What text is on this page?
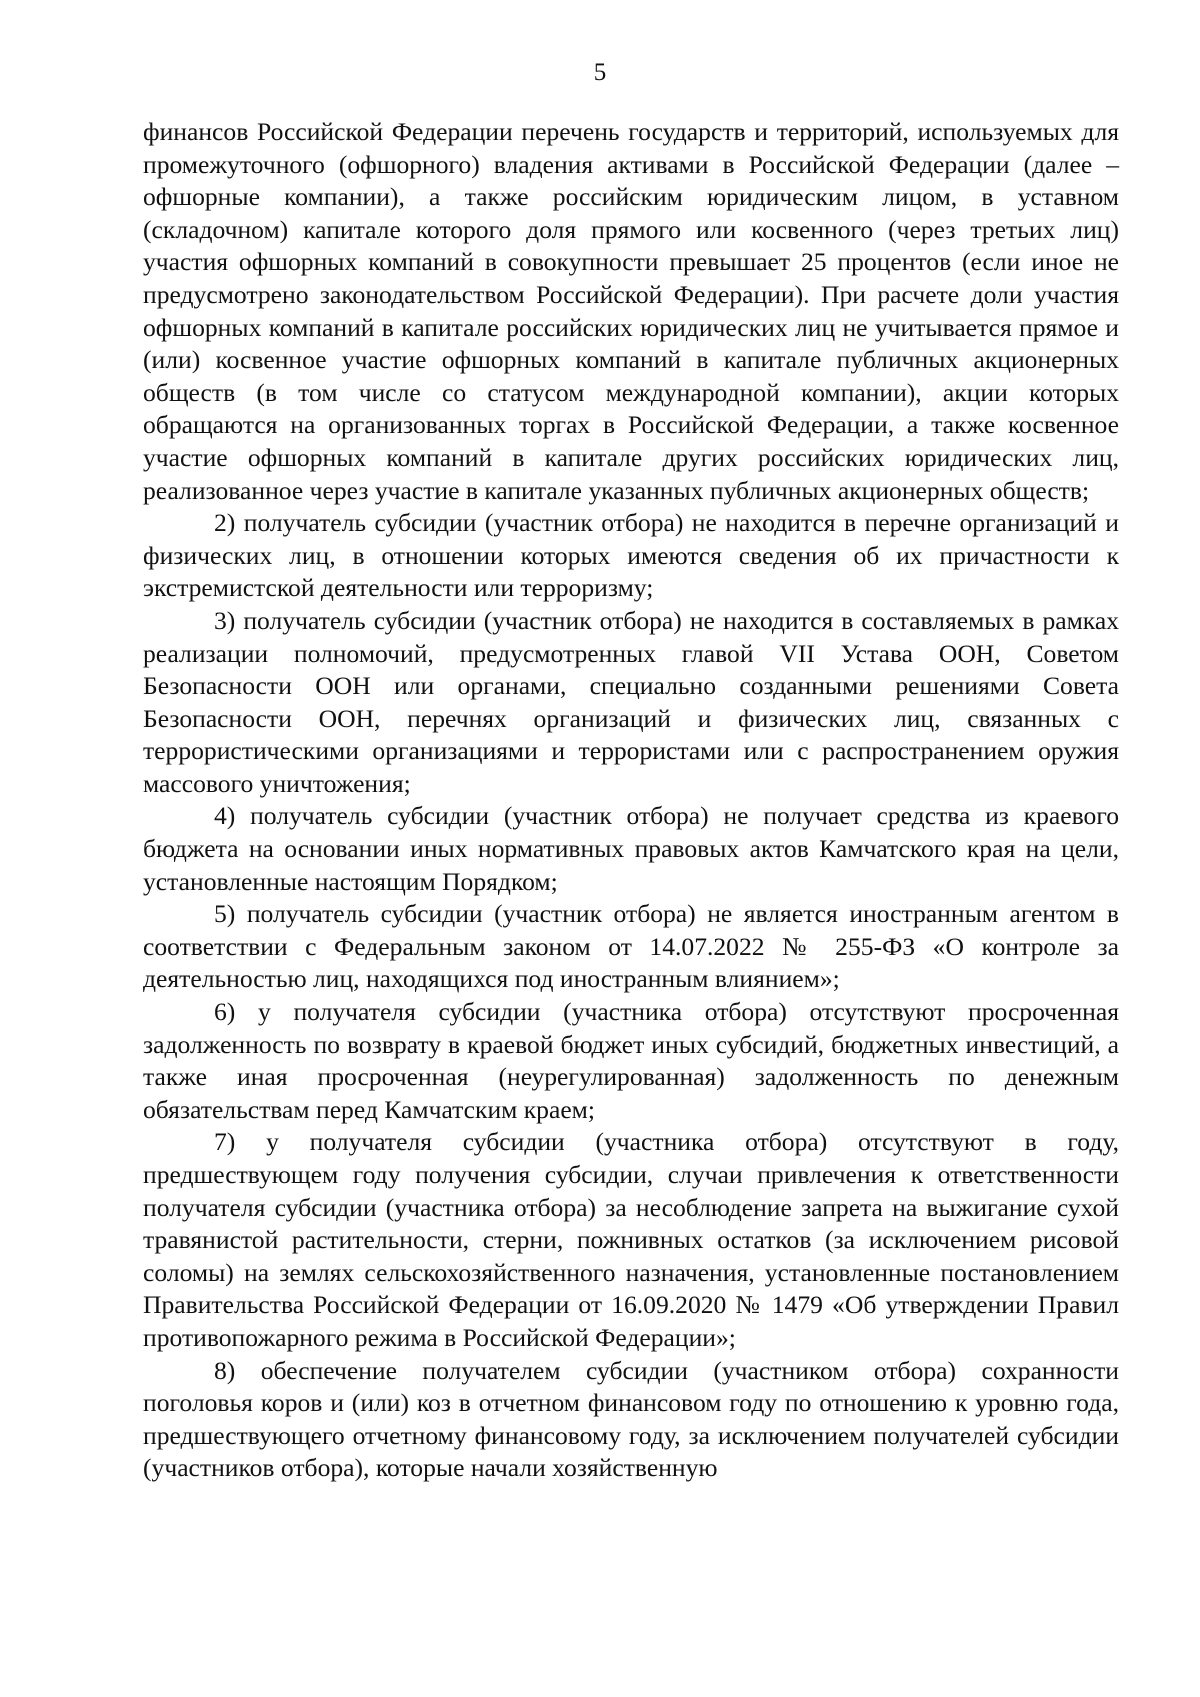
5

финансов Российской Федерации перечень государств и территорий, используемых для промежуточного (офшорного) владения активами в Российской Федерации (далее – офшорные компании), а также российским юридическим лицом, в уставном (складочном) капитале которого доля прямого или косвенного (через третьих лиц) участия офшорных компаний в совокупности превышает 25 процентов (если иное не предусмотрено законодательством Российской Федерации). При расчете доли участия офшорных компаний в капитале российских юридических лиц не учитывается прямое и (или) косвенное участие офшорных компаний в капитале публичных акционерных обществ (в том числе со статусом международной компании), акции которых обращаются на организованных торгах в Российской Федерации, а также косвенное участие офшорных компаний в капитале других российских юридических лиц, реализованное через участие в капитале указанных публичных акционерных обществ;

2) получатель субсидии (участник отбора) не находится в перечне организаций и физических лиц, в отношении которых имеются сведения об их причастности к экстремистской деятельности или терроризму;

3) получатель субсидии (участник отбора) не находится в составляемых в рамках реализации полномочий, предусмотренных главой VII Устава ООН, Советом Безопасности ООН или органами, специально созданными решениями Совета Безопасности ООН, перечнях организаций и физических лиц, связанных с террористическими организациями и террористами или с распространением оружия массового уничтожения;

4) получатель субсидии (участник отбора) не получает средства из краевого бюджета на основании иных нормативных правовых актов Камчатского края на цели, установленные настоящим Порядком;

5) получатель субсидии (участник отбора) не является иностранным агентом в соответствии с Федеральным законом от 14.07.2022 № 255-ФЗ «О контроле за деятельностью лиц, находящихся под иностранным влиянием»;

6) у получателя субсидии (участника отбора) отсутствуют просроченная задолженность по возврату в краевой бюджет иных субсидий, бюджетных инвестиций, а также иная просроченная (неурегулированная) задолженность по денежным обязательствам перед Камчатским краем;

7) у получателя субсидии (участника отбора) отсутствуют в году, предшествующем году получения субсидии, случаи привлечения к ответственности получателя субсидии (участника отбора) за несоблюдение запрета на выжигание сухой травянистой растительности, стерни, пожнивных остатков (за исключением рисовой соломы) на землях сельскохозяйственного назначения, установленные постановлением Правительства Российской Федерации от 16.09.2020 № 1479 «Об утверждении Правил противопожарного режима в Российской Федерации»;

8) обеспечение получателем субсидии (участником отбора) сохранности поголовья коров и (или) коз в отчетном финансовом году по отношению к уровню года, предшествующего отчетному финансовому году, за исключением получателей субсидии (участников отбора), которые начали хозяйственную
